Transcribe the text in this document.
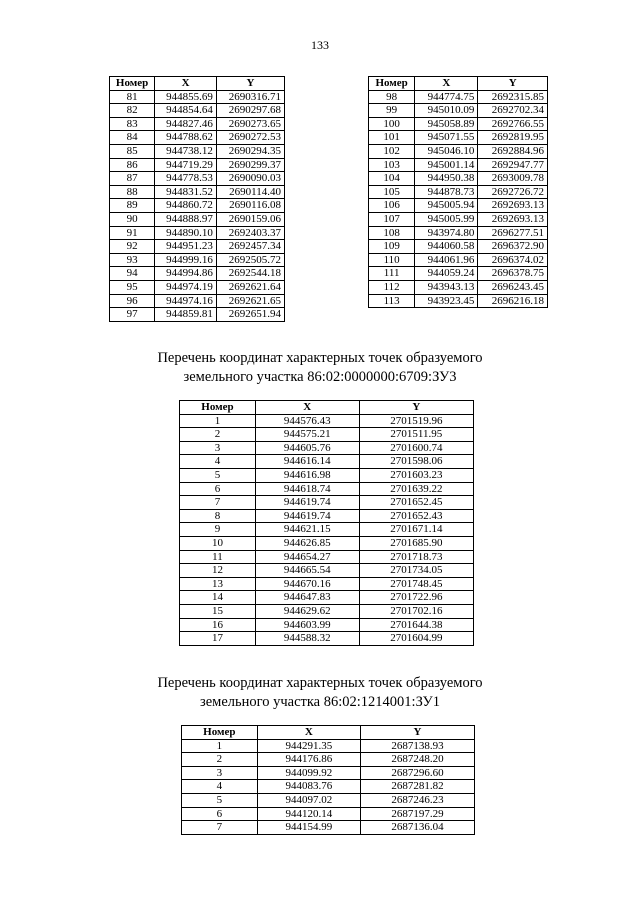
133
Номер	X	Y
81	944855.69	2690316.71
82	944854.64	2690297.68
83	944827.46	2690273.65
84	944788.62	2690272.53
85	944738.12	2690294.35
86	944719.29	2690299.37
87	944778.53	2690090.03
88	944831.52	2690114.40
89	944860.72	2690116.08
90	944888.97	2690159.06
91	944890.10	2692403.37
92	944951.23	2692457.34
93	944999.16	2692505.72
94	944994.86	2692544.18
95	944974.19	2692621.64
96	944974.16	2692621.65
97	944859.81	2692651.94
Номер	X	Y
98	944774.75	2692315.85
99	945010.09	2692702.34
100	945058.89	2692766.55
101	945071.55	2692819.95
102	945046.10	2692884.96
103	945001.14	2692947.77
104	944950.38	2693009.78
105	944878.73	2692726.72
106	945005.94	2692693.13
107	945005.99	2692693.13
108	943974.80	2696277.51
109	944060.58	2696372.90
110	944061.96	2696374.02
111	944059.24	2696378.75
112	943943.13	2696243.45
113	943923.45	2696216.18
Перечень координат характерных точек образуемого
земельного участка 86:02:0000000:6709:ЗУ3
Номер	X	Y
1	944576.43	2701519.96
2	944575.21	2701511.95
3	944605.76	2701600.74
4	944616.14	2701598.06
5	944616.98	2701603.23
6	944618.74	2701639.22
7	944619.74	2701652.45
8	944619.74	2701652.43
9	944621.15	2701671.14
10	944626.85	2701685.90
11	944654.27	2701718.73
12	944665.54	2701734.05
13	944670.16	2701748.45
14	944647.83	2701722.96
15	944629.62	2701702.16
16	944603.99	2701644.38
17	944588.32	2701604.99
Перечень координат характерных точек образуемого
земельного участка 86:02:1214001:ЗУ1
Номер	X	Y
1	944291.35	2687138.93
2	944176.86	2687248.20
3	944099.92	2687296.60
4	944083.76	2687281.82
5	944097.02	2687246.23
6	944120.14	2687197.29
7	944154.99	2687136.04
